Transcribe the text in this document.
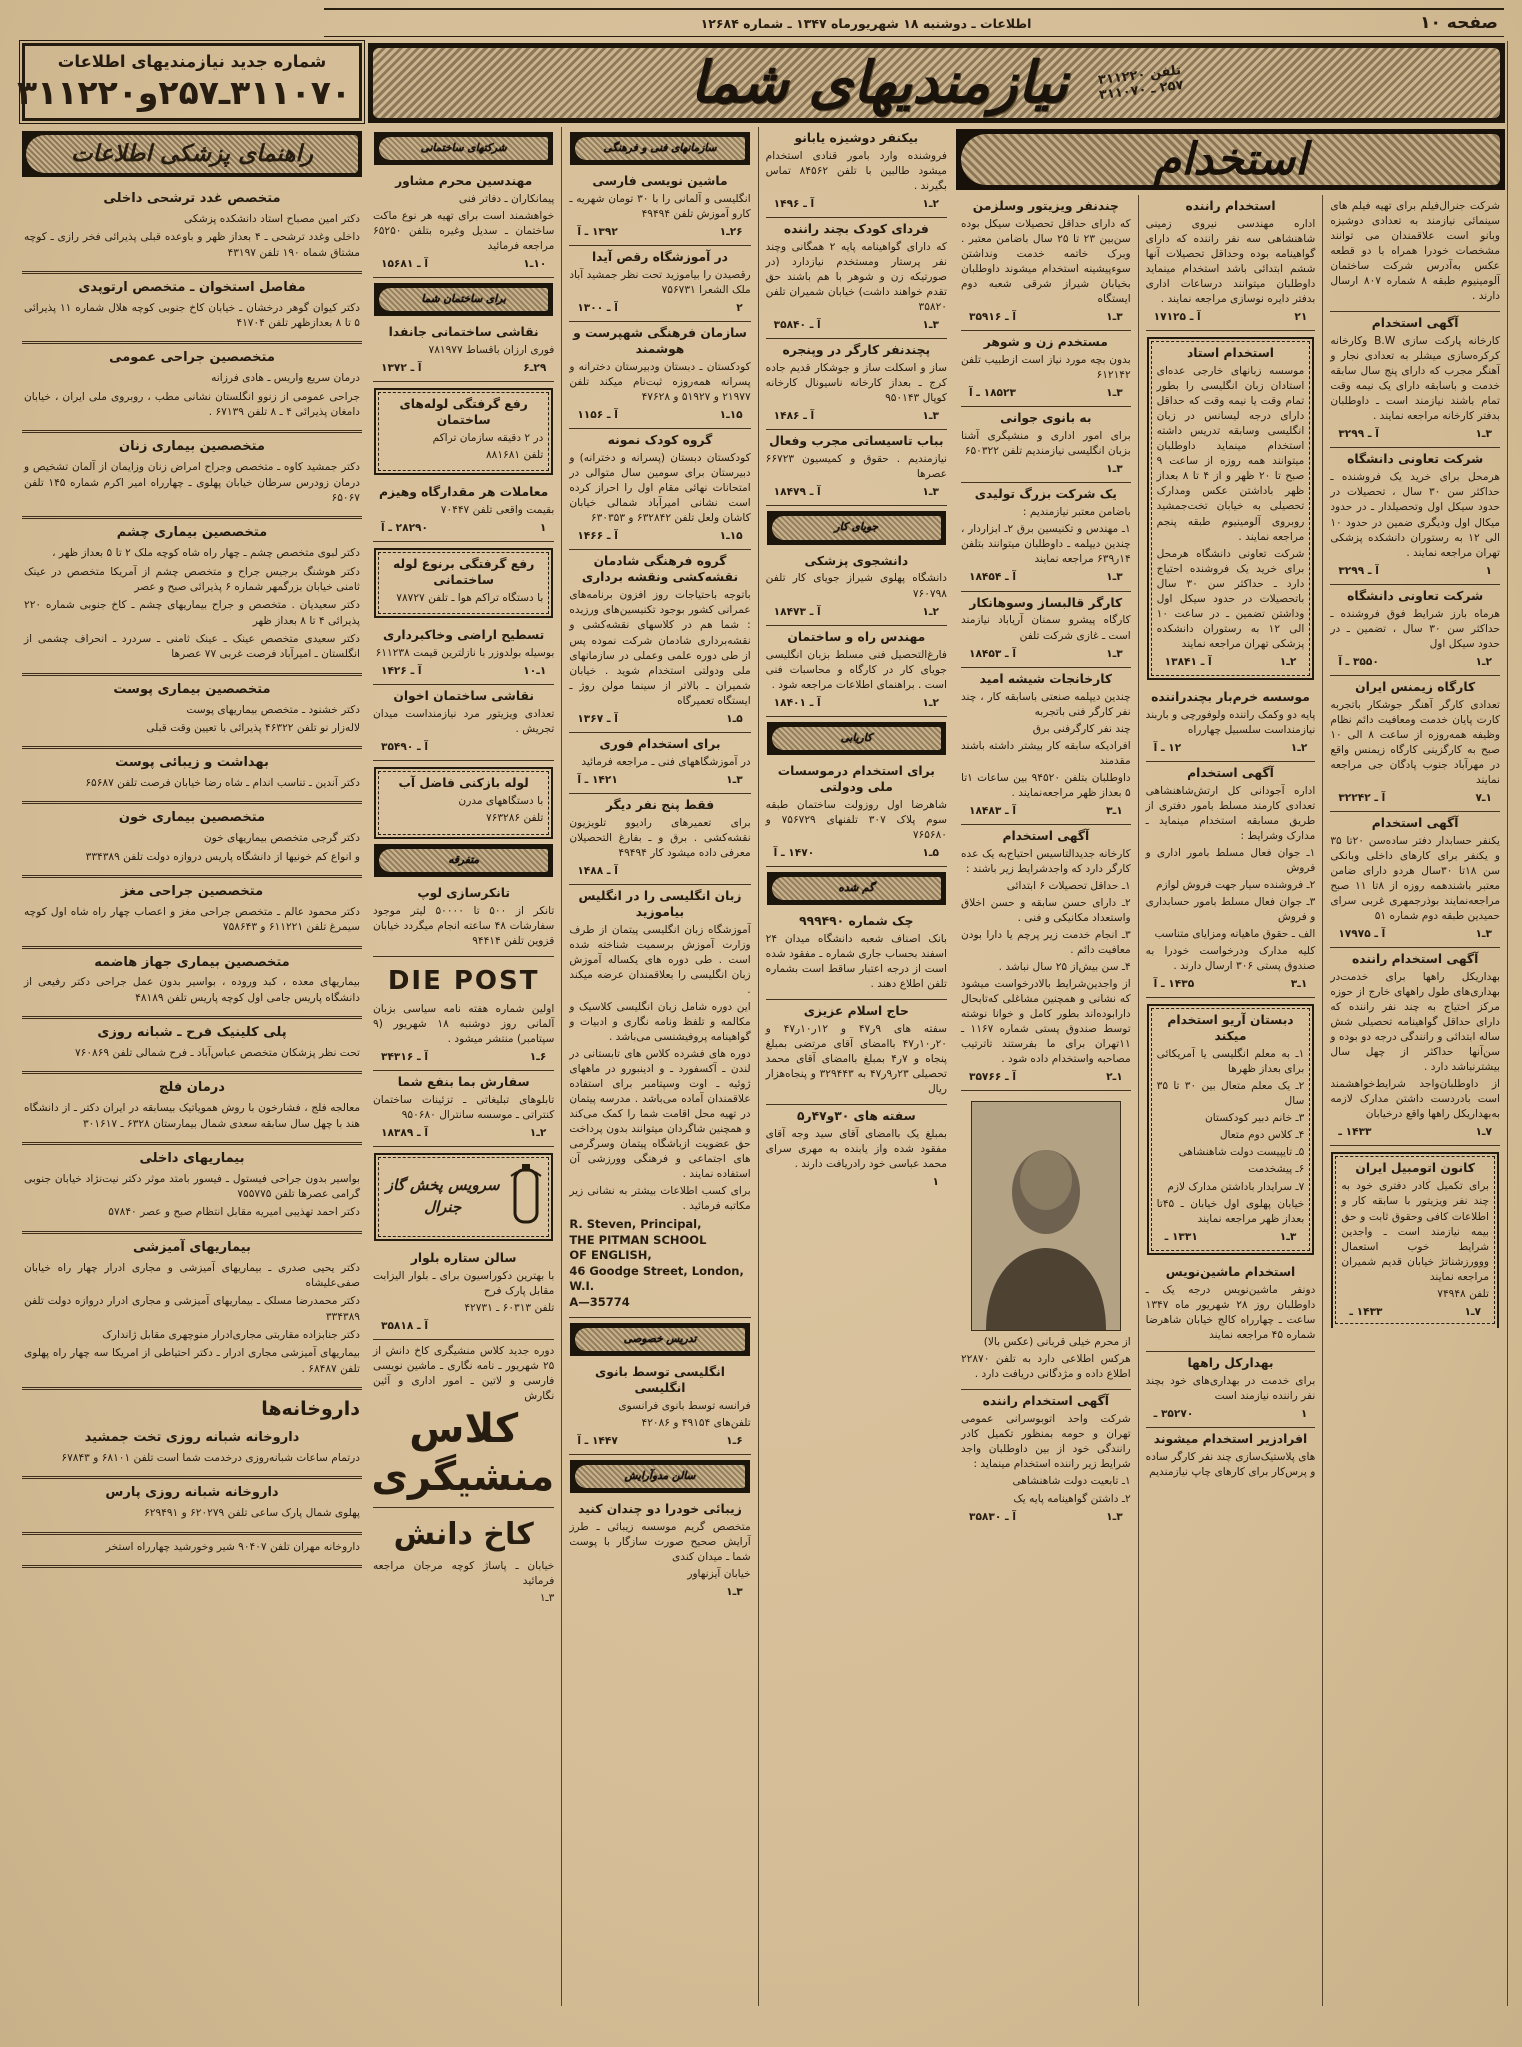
صفحه ۱۰
اطلاعات ـ دوشنبه ۱۸ شهریورماه ۱۳۴۷ ـ شماره ۱۲۶۸۴
شماره جدید نیازمندیهای اطلاعات
۳۱۱۰۷۰ـ۲۵۷و۳۱۱۲۲۰
راهنمای پزشکی اطلاعات
متخصص غدد ترشحی داخلی

دکتر امین مصباح استاد دانشکده پزشکی

داخلی وغدد ترشحی ـ ۴ بعداز ظهر و باوعده قبلی پذیرائی فخر رازی ـ کوچه مشتاق شماه ۱۹۰ تلفن ۴۳۱۹۷

مفاصل استخوان ـ متخصص ارتوپدی

دکتر کیوان گوهر درخشان ـ خیابان کاخ جنوبی کوچه هلال شماره ۱۱ پذیرائی ۵ تا ۸ بعدازظهر تلفن ۴۱۷۰۴

متخصصین جراحی عمومی

درمان سریع واریس ـ هادی فرزانه

جراحی عمومی از زنوو انگلستان نشانی مطب ، روبروی ملی ایران ، خیابان دامغان پذیرائی ۴ ـ ۸ تلفن ۶۷۱۳۹ .

متخصصین بیماری زنان

دکتر جمشید کاوه ـ متخصص وجراح امراض زنان وزایمان از آلمان تشخیص و درمان زودرس سرطان خیابان پهلوی ـ چهارراه امیر اکرم شماره ۱۴۵ تلفن ۶۵۰۶۷

متخصصین بیماری چشم

دکتر لبوی متخصص چشم ـ چهار راه شاه کوچه ملک ۲ تا ۵ بعداز ظهر ،

دکتر هوشنگ برجیس جراح و متخصص چشم از آمریکا متخصص در عینک ثامنی خیابان بزرگمهر شماره ۶ پذیرائی صبح و عصر

دکتر سعیدیان . متخصص و جراح بیماریهای چشم ـ کاخ جنوبی شماره ۲۲۰ پذیرائی ۴ تا ۸ بعداز ظهر

دکتر سعیدی متخصص عینک ـ عینک ثامنی ـ سردرد ـ انحراف چشمی از انگلستان ـ امیرآباد فرصت غربی ۷۷ عصرها

متخصصین بیماری پوست

دکتر خشنود ـ متخصص بیماریهای پوست

لاله‌زار نو تلفن ۴۶۳۲۲ پذیرائی با تعیین وقت قبلی

بهداشت و زیبائی پوست

دکتر آندین ـ تناسب اندام ـ شاه رضا خیابان فرصت تلفن ۶۵۶۸۷

متخصصین بیماری خون

دکتر گرجی متخصص بیماریهای خون

و انواع کم خونیها از دانشگاه پاریس دروازه دولت تلفن ۳۳۴۳۸۹

متخصصین جراحی مغز

دکتر محمود عالم ـ متخصص جراحی مغز و اعصاب چهار راه شاه اول کوچه سیمرغ تلفن ۶۱۱۲۲۱ و ۷۵۸۶۴۳

متخصصین بیماری جهاز هاضمه

بیماریهای معده ، کبد وروده ، بواسیر بدون عمل جراحی دکتر رفیعی از دانشگاه پاریس جامی اول کوچه پاریس تلفن ۴۸۱۸۹

پلی کلینیک فرح ـ شبانه روزی

تحت نظر پزشکان متخصص عباس‌آباد ـ فرح شمالی تلفن ۷۶۰۸۶۹

درمان فلج

معالجه فلج ، فشارخون با روش همویاتیک بیسابقه در ایران دکتر ـ از دانشگاه هند با چهل سال سابقه سعدی شمال بیمارستان ۶۳۲۸ ـ ۳۰۱۶۱۷

بیماریهای داخلی

بواسیر بدون جراحی فیستول ـ فیسور بامتد موثر دکتر نیت‌نژاد خیابان جنوبی گرامی عصرها تلفن ۷۵۵۷۷۵

دکتر احمد تهذیبی امیریه مقابل انتظام صبح و عصر ۵۷۸۴۰

بیماریهای آمیزشی

دکتر یحیی صدری ـ بیماریهای آمیزشی و مجاری ادرار چهار راه خیابان صفی‌علیشاه

دکتر محمدرضا مسلک ـ بیماریهای آمیزشی و مجاری ادرار دروازه دولت تلفن ۳۳۴۳۸۹

دکتر جنابزاده مقاربتی مجاری‌ادرار منوچهری مقابل ژاندارک

بیماریهای آمیزشی مجاری ادرار ـ دکتر احتیاطی از امریکا سه چهار راه پهلوی تلفن ۶۸۴۸۷ .

داروخانه‌ها
داروخانه شبانه روزی تخت جمشید

درتمام ساعات شبانه‌روزی درخدمت شما است تلفن ۶۸۱۰۱ و ۶۷۸۴۳

داروخانه شبانه روزی پارس

پهلوی شمال پارک ساعی تلفن ۶۲۰۲۷۹ و ۶۲۹۴۹۱

داروخانه مهران تلفن ۹۰۴۰۷ شیر وخورشید چهارراه استخر

تلفن ۳۱۱۲۲۰
۲۵۷ ـ ۳۱۱۰۷۰
نیازمندیهای شما
شرکتهای ساختمانی
مهندسین محرم مشاور

پیمانکاران ـ دفاتر فنی

خواهشمند است برای تهیه هر نوع ماکت ساختمان ـ سدیل وغیره بتلفن ۶۵۲۵۰ مراجعه فرمائید

۱۰ـ۱
آ ـ ۱۵۶۸۱
برای ساختمان شما
نقاشی ساختمانی جانفدا

فوری ارزان باقساط ۷۸۱۹۷۷

۲۹ـ۶
آ ـ ۱۳۷۲
رفع گرفتگی لوله‌های ساختمان

در ۲ دقیقه سازمان تراکم

تلفن ۸۸۱۶۸۱

معاملات هر مقدارگاه وهیزم

بقیمت واقعی تلفن ۷۰۴۴۷

۱
۲۸۲۹۰ ـ آ
رفع گرفتگی برنوع لوله ساختمانی

با دستگاه تراکم هوا ـ تلفن ۷۸۷۲۷

تسطیح اراضی وخاکبرداری

بوسیله بولدوزر با نازلترین قیمت ۶۱۱۲۳۸

۱ـ۱۰
آ ـ ۱۴۲۶
نقاشی ساختمان اخوان

تعدادی ویزیتور مرد نیازمنداست میدان تجریش .

آ ـ ۳۵۴۹۰
لوله بازکنی فاضل آب

با دستگاههای مدرن

تلفن ۷۶۳۲۸۶

متفرقه
تانکرسازی لوپ

تانکر از ۵۰۰ تا ۵۰۰۰۰ لیتر موجود سفارشات ۴۸ ساعته انجام میگردد خیابان قزوین تلفن ۹۴۴۱۴

DIE POST

اولین شماره هفته نامه سیاسی بزبان آلمانی روز دوشنبه ۱۸ شهریور (۹ سپتامبر) منتشر میشود .

۶ـ۱
آ ـ ۳۴۳۱۶
سفارش بما بنفع شما

تابلوهای تبلیغاتی ـ تزئینات ساختمان کنتراتی ـ موسسه سانترال ۹۵۰۶۸۰

۲ـ۱
آ ـ ۱۸۳۸۹
سرویس پخش گاز جنرال
سالن ستاره بلوار

با بهترین دکوراسیون برای ـ بلوار الیزابت مقابل پارک فرح

تلفن ۶۰۳۱۳ ـ ۴۲۷۳۱

آ ـ ۳۵۸۱۸

دوره جدید کلاس منشیگری کاخ دانش از ۲۵ شهریور ـ نامه نگاری ـ ماشین نویسی فارسی و لاتین ـ امور اداری و آئین نگارش

کلاس
منشیگری
کاخ دانش

خیابان ـ پاساژ کوچه مرجان مراجعه فرمائید

۳ـ۱

سازمانهای فنی و فرهنگی
ماشین نویسی فارسی

انگلیسی و آلمانی را با ۳۰ تومان شهریه ـ کارو آموزش تلفن ۴۹۴۹۴

۲۶ـ۱
۱۳۹۲ ـ آ
در آموزشگاه رقص آیدا

رقصیدن را بیاموزید تحت نظر جمشید آباد ملک الشعرا ۷۵۶۷۳۱

۲
آ ـ ۱۳۰۰
سازمان فرهنگی شهپرست و هوشمند

کودکستان ـ دبستان ودبیرستان دخترانه و پسرانه همه‌روزه ثبت‌نام میکند تلفن ۲۱۹۷۷ و ۵۱۹۲۷ و ۴۷۶۲۸

۱۵ـ۱
آ ـ ۱۱۵۶
گروه کودک نمونه

کودکستان دبستان (پسرانه و دخترانه) و دبیرستان برای سومین سال متوالی در امتحانات نهائی مقام اول را احراز کرده است نشانی امیرآباد شمالی خیابان کاشان ولعل تلفن ۶۳۲۸۴۲ و ۶۳۰۳۵۳

۱۵ـ۱
آ ـ ۱۴۶۶
گروه فرهنگی شادمان نقشه‌کشی ونقشه برداری

باتوجه باحتیاجات روز افزون برنامه‌های عمرانی کشور بوجود تکنیسین‌های ورزیده : شما هم در کلاسهای نقشه‌کشی و نقشه‌برداری شادمان شرکت نموده پس از طی دوره علمی وعملی در سازمانهای ملی ودولتی استخدام شوید . خیابان شمیران ـ بالاتر از سینما مولن روژ ـ ایستگاه تعمیرگاه

۵ـ۱
آ ـ ۱۳۶۷
برای استخدام فوری

در آموزشگاههای فنی ـ مراجعه فرمائید

۳ـ۱
۱۴۲۱ ـ آ
فقط پنج نفر دیگر

برای تعمیرهای رادیوو تلویزیون نقشه‌کشی . برق و ـ بفارغ التحصیلان معرفی داده میشود کار ۴۹۴۹۴

آ ـ ۱۴۸۸
زبان انگلیسی را در انگلیس بیاموزید

آموزشگاه زبان انگلیسی پیتمان از طرف وزارت آموزش برسمیت شناخته شده است . طی دوره های یکساله آموزش زبان انگلیسی را بعلاقمندان عرضه میکند .

این دوره شامل زبان انگلیسی کلاسیک و مکالمه و تلفظ ونامه نگاری و ادبیات و گواهینامه پروفیشنسی می‌باشد .

دوره های فشرده کلاس های تابستانی در لندن ـ آکسفورد ـ و ادینبورو در ماههای ژوئیه ـ اوت وسپتامبر برای استفاده علاقمندان آماده می‌باشد . مدرسه پیتمان در تهیه محل اقامت شما را کمک می‌کند و همچنین شاگردان میتوانند بدون پرداخت حق عضویت ازباشگاه پیتمان وسرگرمی های اجتماعی و فرهنگی وورزشی آن استفاده نمایند .

برای کسب اطلاعات بیشتر به نشانی زیر مکاتبه فرمائید .

R. Steven, Principal,
THE PITMAN SCHOOL
OF ENGLISH,
46 Goodge Street, London,
W.I.
A—35774

تدریس خصوصی
انگلیسی توسط بانوی انگلیسی

فرانسه توسط بانوی فرانسوی

تلفن‌های ۴۹۱۵۴ و ۴۲۰۸۶

۶ـ۱
۱۴۴۷ ـ آ
سالن مدوآرایش
زیبائی خودرا دو چندان کنید

متخصص گریم موسسه زیبائی ـ طرز آرایش صحیح صورت سازگار با پوست شما ـ میدان کندی

خیابان آیزنهاور

۳ـ۱
بیکنفر دوشیزه یابانو

فروشنده وارد بامور قنادی استخدام میشود طالبین با تلفن ۸۴۵۶۲ تماس بگیرند .

۲ـ۱
آ ـ ۱۴۹۶
فردای کودک بچند راننده

که دارای گواهینامه پایه ۲ همگانی وچند نفر پرستار ومستخدم نیازدارد (در صورتیکه زن و شوهر با هم باشند حق تقدم خواهند داشت) خیابان شمیران تلفن ۳۵۸۲۰

۳ـ۱
آ ـ ۳۵۸۴۰
پچندنفر کارگر در وپنجره

ساز و اسکلت ساز و جوشکار قدیم جاده کرج ـ بعداز کارخانه ناسیونال کارخانه کوپال ۹۵۰۱۴۳

۳ـ۱
آ ـ ۱۴۸۶
بباب تاسیساتی مجرب وفعال

نیازمندیم . حقوق و کمیسیون ۶۶۷۲۳ عصرها

۳ـ۱
آ ـ ۱۸۴۷۹
جویای کار
دانشجوی پزشکی

دانشگاه پهلوی شیراز جویای کار تلفن ۷۶۰۷۹۸

۲ـ۱
آ ـ ۱۸۴۷۳
مهندس راه و ساختمان

فارغ‌التحصیل فنی مسلط بزبان انگلیسی جویای کار در کارگاه و محاسبات فنی است . براهنمای اطلاعات مراجعه شود .

۲ـ۱
آ ـ ۱۸۴۰۱
کاریابی
برای استخدام درموسسات ملی ودولتی

شاهرضا اول روزولت ساختمان طبقه سوم پلاک ۳۰۷ تلفنهای ۷۵۶۷۲۹ و ۷۶۵۶۸۰

۵ـ۱
۱۴۷۰ ـ آ
گم شده
چک شماره ۹۹۹۴۹۰

بانک اصناف شعبه دانشگاه میدان ۲۴ اسفند بحساب جاری شماره ـ مفقود شده است از درجه اعتبار ساقط است بشماره تلفن اطلاع دهند .

حاج اسلام عزیزی

سفته های ۹ر۴۷ و ۱۲ر۱۰ر۴۷ و ۲۰ر۱۰ر۴۷ باامضای آقای مرتضی بمبلغ پنجاه و ۷ر۴ بمبلغ باامضای آقای محمد تحصیلی ۲۳ر۹ر۴۷ به ۳۲۹۴۴۳ و پنجاه‌هزار ریال

سفته های ۳۰و۴۷ر۵

بمبلغ یک باامضای آقای سید وجه آقای مفقود شده واز یابنده به مهری سرای محمد عباسی خود رادریافت دارند .

۱
استخدام
چندنفر ویزیتور وسلزمن

که دارای حداقل تحصیلات سیکل بوده سن‌بین ۲۳ تا ۲۵ سال باضامن معتبر . وبرک خاتمه خدمت ونداشتن سوءپیشینه استخدام میشوند داوطلبان بخیابان شیراز شرقی شعبه دوم ایستگاه

۳ـ۱
آ ـ ۳۵۹۱۶
مستخدم زن و شوهر

بدون بچه مورد نیاز است ازطبیب تلفن ۶۱۲۱۴۲

۳ـ۱
۱۸۵۲۳ ـ آ
به بانوی جوانی

برای امور اداری و منشیگری آشنا بزبان انگلیسی نیازمندیم تلفن ۶۵۰۳۲۲

۳ـ۱
یک شرکت بزرگ تولیدی

باضامن معتبر نیازمندیم :

۱ـ مهندس و تکنیسین برق ۲ـ ابزاردار ، چندین دیپلمه ـ داوطلبان میتوانند بتلفن ۱۴ر۶۳۹ مراجعه نمایند

۳ـ۱
آ ـ ۱۸۴۵۴
کارگر قالبساز وسوهانکار

کارگاه پیشرو سمنان آریاباد نیازمند است ـ غازی شرکت تلفن

۳ـ۱
آ ـ ۱۸۴۵۳
کارخانجات شیشه امید

چندین دیپلمه صنعتی باسابقه کار ، چند نفر کارگر فنی باتجربه

چند نفر کارگرفنی برق

افرادیکه سابقه کار بیشتر داشته باشند مقدمند

داوطلبان بتلفن ۹۴۵۲۰ بین ساعات ۱تا ۵ بعداز ظهر مراجعه‌نمایند .

۱ـ۳
آ ـ ۱۸۴۸۳
آگهی استخدام

کارخانه جدیدالتاسیس احتیاج‌به یک عده کارگر دارد که واجدشرایط زیر باشند :

۱ـ حداقل تحصیلات ۶ ابتدائی

۲ـ دارای حسن سابقه و حسن اخلاق واستعداد مکانیکی و فنی .

۳ـ انجام خدمت زیر پرچم یا دارا بودن معافیت دائم .

۴ـ سن بیش‌از ۲۵ سال نباشد .

از واجدین‌شرایط بالادرخواست میشود که نشانی و همچنین مشاغلی که‌تابحال دارابوده‌اند بطور کامل و خوانا نوشته توسط صندوق پستی شماره ۱۱۶۷ ـ ۱۱تهران برای ما بفرستند تاترتیب مصاحبه واستخدام داده شود .

۱ـ۲
آ ـ ۳۵۷۶۶

از محرم خیلی قربانی (عکس بالا)

هرکس اطلاعی دارد به تلفن ۲۲۸۷۰ اطلاع داده و مژدگانی دریافت دارد .

آگهی استخدام راننده

شرکت واحد اتوبوسرانی عمومی تهران و حومه بمنظور تکمیل کادر رانندگی خود از بین داوطلبان واجد شرایط زیر راننده استخدام مینماید :

۱ـ تابعیت دولت شاهنشاهی

۲ـ داشتن گواهینامه پایه یک

۳ـ۱
آ ـ ۳۵۸۳۰
استخدام راننده

اداره مهندسی نیروی زمینی شاهنشاهی سه نفر راننده که دارای گواهینامه بوده وحداقل تحصیلات آنها ششم ابتدائی باشد استخدام مینماید داوطلبان میتوانند درساعات اداری بدفتر دایره نوسازی مراجعه نمایند .

۲۱
آ ـ ۱۷۱۲۵
استخدام استاد

موسسه زبانهای خارجی عده‌ای استادان زبان انگلیسی را بطور تمام وقت یا نیمه وقت که حداقل دارای درجه لیسانس در زبان انگلیسی وسابقه تدریس داشته استخدام مینماید داوطلبان میتوانند همه روزه از ساعت ۹ صبح تا ۲۰ ظهر و از ۴ تا ۸ بعداز ظهر باداشتن عکس ومدارک تحصیلی به خیابان تخت‌جمشید روبروی آلومینیوم طبقه پنجم مراجعه نمایند .

شرکت تعاونی دانشگاه هرمحل برای خرید یک فروشنده احتیاج دارد ـ حداکثر سن ۳۰ سال باتحصیلات در حدود سیکل اول وداشتن تضمین ـ در ساعت ۱۰ الی ۱۲ به رستوران دانشکده پزشکی تهران مراجعه نمایند

۲ـ۱
آ ـ ۱۳۸۴۱
موسسه خرم‌بار بچندراننده

پایه دو وکمک راننده ولوفورچی و باربند نیازمنداست سلسبیل چهارراه

۲ـ۱
۱۲ ـ آ
آگهی استخدام

اداره آجودانی کل ارتش‌شاهنشاهی تعدادی کارمند مسلط بامور دفتری از طریق مسابقه استخدام مینماید ـ مدارک وشرایط :

۱ـ جوان فعال مسلط بامور اداری و فروش

۲ـ فروشنده سیار جهت فروش لوازم

۳ـ جوان فعال مسلط بامور حسابداری و فروش

الف ـ حقوق ماهیانه ومزایای متناسب

کلیه مدارک ودرخواست خودرا به صندوق پستی ۳۰۶ ارسال دارند .

۱ـ۳
۱۴۳۵ ـ آ
دبستان آریو استخدام میکند

۱ـ به معلم انگلیسی یا آمریکائی برای بعداز ظهرها

۲ـ یک معلم متعال بین ۳۰ تا ۳۵ سال

۳ـ خانم دبیر کودکستان

۴ـ کلاس دوم متعال

۵ـ تایپیست دولت شاهنشاهی

۶ـ پیشخدمت

۷ـ سرایدار باداشتن مدارک لازم

خیابان پهلوی اول خیابان ـ ۴۵تا بعداز ظهر مراجعه نمایند

۳ـ۱
۱۳۳۱ ـ
استخدام ماشین‌نویس

دونفر ماشین‌نویس درجه یک ـ داوطلبان روز ۲۸ شهریور ماه ۱۳۴۷ ساعت ـ چهارراه کالج خیابان شاهرضا شماره ۴۵ مراجعه نمایند

بهدارکل راهها

برای خدمت در بهداری‌های خود بچند نفر راننده نیازمند است

۱
۳۵۲۷۰ ـ
افرادزیر استخدام میشوند

های پلاستیک‌سازی چند نفر کارگر ساده و پرس‌کار برای کارهای چاپ نیازمندیم

شرکت جنرال‌فیلم برای تهیه فیلم های سینمائی نیازمند به تعدادی دوشیزه وبانو است علاقمندان می توانند مشخصات خودرا همراه با دو قطعه عکس به‌آدرس شرکت ساختمان آلومینیوم طبقه ۸ شماره ۸۰۷ ارسال دارند .

آگهی استخدام

کارخانه پارکت سازی B.W وکارخانه کرکره‌سازی میشلر به تعدادی نجار و آهنگر مجرب که دارای پنج سال سابقه خدمت و باسابقه دارای یک نیمه وقت تمام باشند نیازمند است ـ داوطلبان بدفتر کارخانه مراجعه نمایند .

۳ـ۱
آ ـ ۳۲۹۹
شرکت تعاونی دانشگاه

هرمحل برای خرید یک فروشنده ـ حداکثر سن ۳۰ سال ، تحصیلات در حدود سیکل اول وتحصیلدار ـ در حدود میکال اول ودیگری ضمین در حدود ۱۰ الی ۱۲ به رستوران دانشکده پزشکی تهران مراجعه نمایند .

۱
آ ـ ۳۲۹۹
شرکت تعاونی دانشگاه

هرماه بارز شرایط فوق فروشنده ـ حداکثر سن ۳۰ سال ، تضمین ـ در حدود سیکل اول

۲ـ۱
۳۵۵۰ ـ آ
کارگاه زیمنس ایران

تعدادی کارگر آهنگر جوشکار باتجربه کارت پایان خدمت ومعافیت دائم نظام وظیفه همه‌روزه از ساعت ۸ الی ۱۰ صبح به کارگزینی کارگاه زیمنس واقع در مهرآباد جنوب پادگان جی مراجعه نمایند

۱ـ۷
آ ـ ۳۲۲۴۲
آگهی استخدام

یکنفر حسابدار دفتر ساده‌سن ۲۰تا ۳۵ و یکنفر برای کارهای داخلی وبانکی سن ۱۸تا ۳۰سال هردو دارای ضامن معتبر باشندهمه روزه از ۸تا ۱۱ صبح مراجعه‌نمایند بوذرجمهری غربی سرای حمیدین طبقه دوم شماره ۵۱

۳ـ۱
آ ـ ۱۷۹۷۵
آگهی استخدام راننده

بهداریکل راهها برای خدمت‌در بهداری‌های طول راههای خارج از حوزه مرکز احتیاج به چند نفر راننده که دارای حداقل گواهینامه تحصیلی شش ساله ابتدائی و رانندگی درجه دو بوده و سن‌آنها حداکثر از چهل سال بیشترنباشد دارد .

از داوطلبان‌واجد شرایط‌خواهشمند است بادردست داشتن مدارک لازمه به‌بهداریکل راهها واقع درخیابان

۷ـ۱
۱۴۳۳ ـ
کانون اتومبیل ایران

برای تکمیل کادر دفتری خود به چند نفر ویزیتور با سابقه کار و اطلاعات کافی وحقوق ثابت و حق بیمه نیازمند است ـ واجدین شرایط خوب استعمال ووورزشناتژ خیابان قدیم شمیران مراجعه نمایند

تلفن ۷۴۹۴۸

۷ـ۱
۱۴۳۳ ـ
